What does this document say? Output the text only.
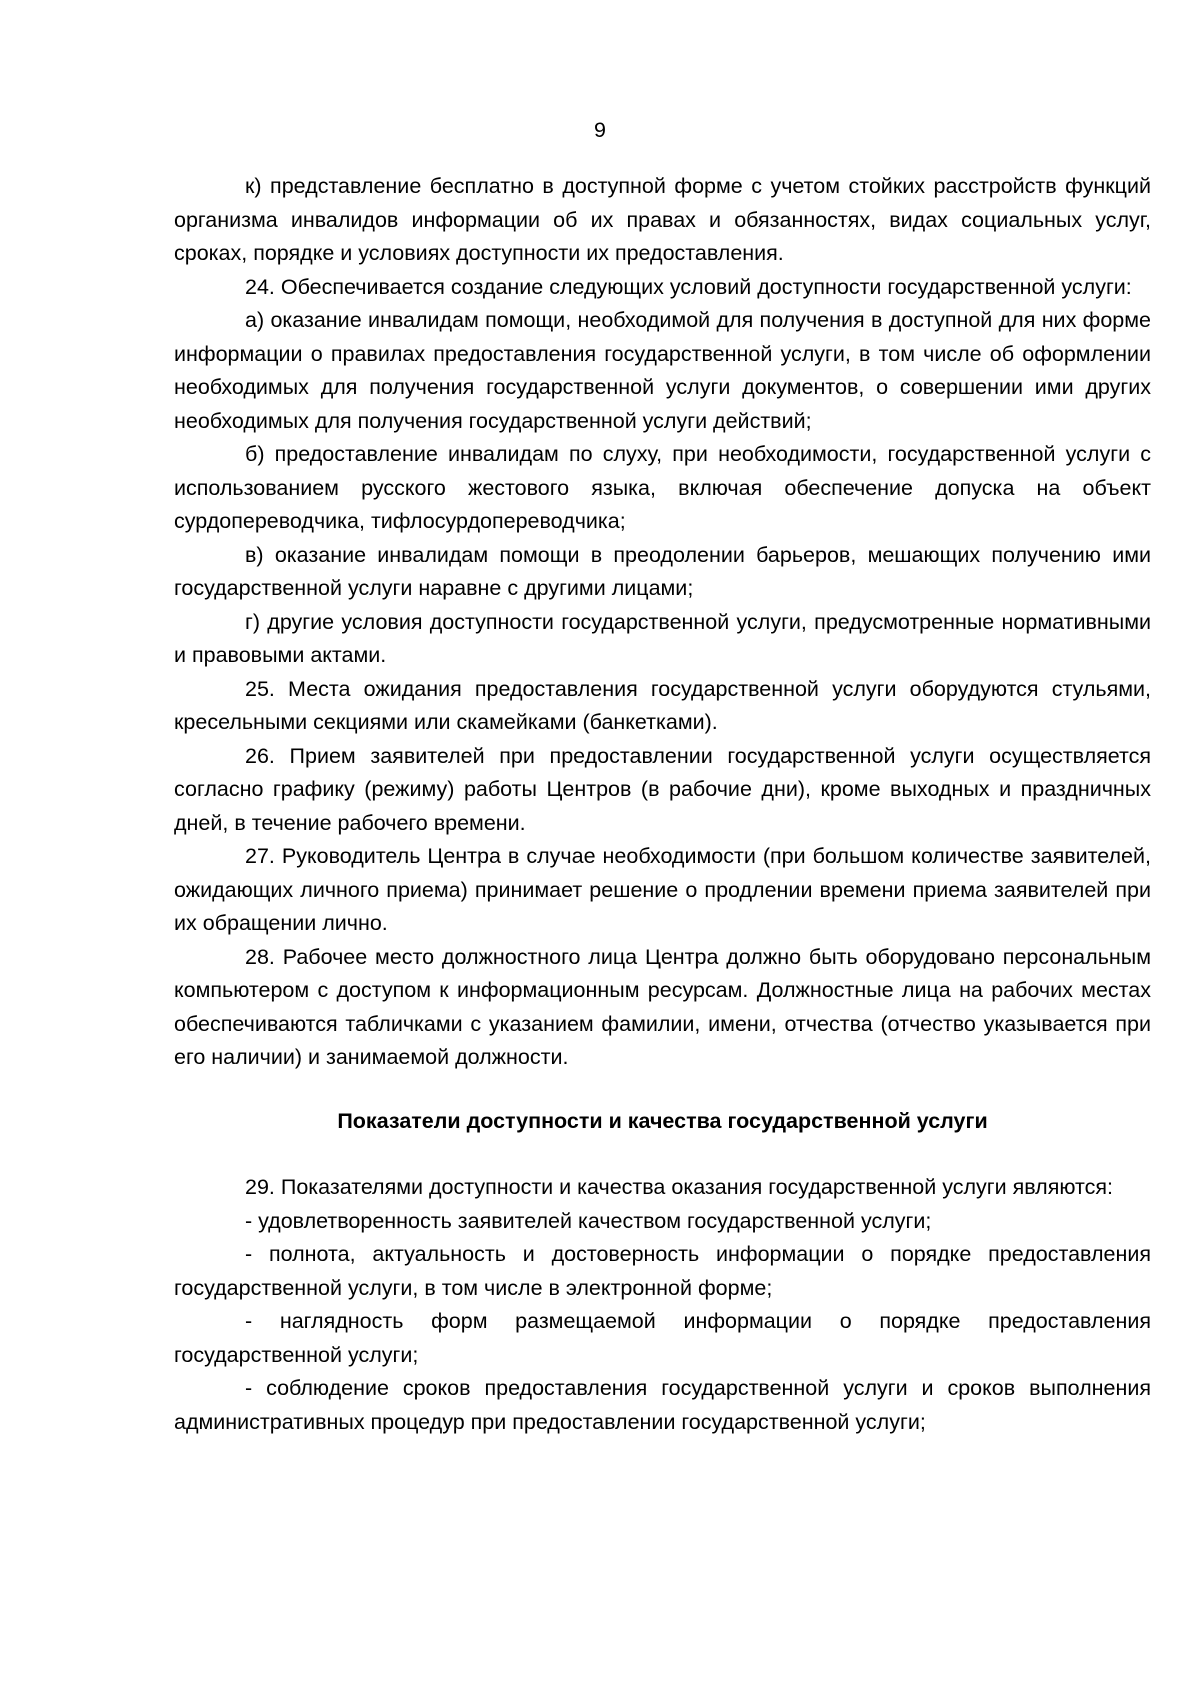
9

к) представление бесплатно в доступной форме с учетом стойких расстройств функций организма инвалидов информации об их правах и обязанностях, видах социальных услуг, сроках, порядке и условиях доступности их предоставления.

24. Обеспечивается создание следующих условий доступности государственной услуги:

а) оказание инвалидам помощи, необходимой для получения в доступной для них форме информации о правилах предоставления государственной услуги, в том числе об оформлении необходимых для получения государственной услуги документов, о совершении ими других необходимых для получения государственной услуги действий;

б) предоставление инвалидам по слуху, при необходимости, государственной услуги с использованием русского жестового языка, включая обеспечение допуска на объект сурдопереводчика, тифлосурдопереводчика;

в) оказание инвалидам помощи в преодолении барьеров, мешающих получению ими государственной услуги наравне с другими лицами;

г) другие условия доступности государственной услуги, предусмотренные нормативными и правовыми актами.

25. Места ожидания предоставления государственной услуги оборудуются стульями, кресельными секциями или скамейками (банкетками).

26. Прием заявителей при предоставлении государственной услуги осуществляется согласно графику (режиму) работы Центров (в рабочие дни), кроме выходных и праздничных дней, в течение рабочего времени.

27. Руководитель Центра в случае необходимости (при большом количестве заявителей, ожидающих личного приема) принимает решение о продлении времени приема заявителей при их обращении лично.

28. Рабочее место должностного лица Центра должно быть оборудовано персональным компьютером с доступом к информационным ресурсам. Должностные лица на рабочих местах обеспечиваются табличками с указанием фамилии, имени, отчества (отчество указывается при его наличии) и занимаемой должности.

Показатели доступности и качества государственной услуги

29. Показателями доступности и качества оказания государственной услуги являются:

- удовлетворенность заявителей качеством государственной услуги;

- полнота, актуальность и достоверность информации о порядке предоставления государственной услуги, в том числе в электронной форме;

- наглядность форм размещаемой информации о порядке предоставления государственной услуги;

- соблюдение сроков предоставления государственной услуги и сроков выполнения административных процедур при предоставлении государственной услуги;
